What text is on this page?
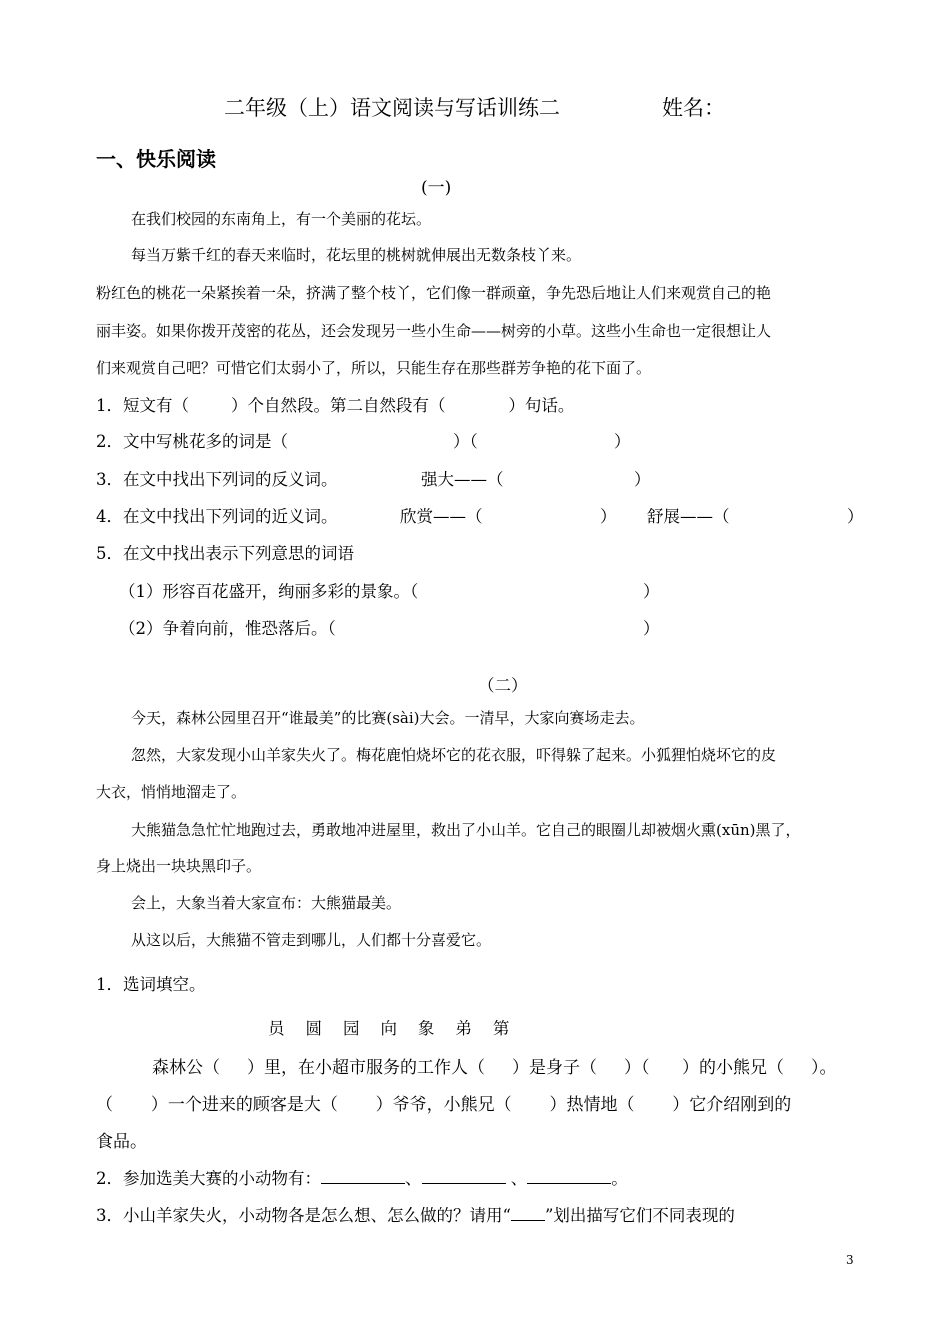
二年级（上）语文阅读与写话训练二	姓名：
一、快乐阅读
(一)
在我们校园的东南角上，有一个美丽的花坛。
每当万紫千红的春天来临时，花坛里的桃树就伸展出无数条枝丫来。
粉红色的桃花一朵紧挨着一朵，挤满了整个枝丫，它们像一群顽童，争先恐后地让人们来观赏自己的艳
丽丰姿。如果你拨开茂密的花丛，还会发现另一些小生命——树旁的小草。这些小生命也一定很想让人
们来观赏自己吧？可惜它们太弱小了，所以，只能生存在那些群芳争艳的花下面了。
1．短文有（        ）个自然段。第二自然段有（            ）句话。
2．文中写桃花多的词是（	）（	）
3．在文中找出下列词的反义词。	强大——（	）
4．在文中找出下列词的近义词。	欣赏——（	） 舒展——（	）
5．在文中找出表示下列意思的词语
（1）形容百花盛开，绚丽多彩的景象。（	）
（2）争着向前，惟恐落后。（	）
（二）
今天，森林公园里召开“谁最美”的比赛(sài)大会。一清早，大家向赛场走去。
忽然，大家发现小山羊家失火了。梅花鹿怕烧坏它的花衣服，吓得躲了起来。小狐狸怕烧坏它的皮
大衣，悄悄地溜走了。
大熊猫急急忙忙地跑过去，勇敢地冲进屋里，救出了小山羊。它自己的眼圈儿却被烟火熏(xūn)黑了，
身上烧出一块块黑印子。
会上，大象当着大家宣布：大熊猫最美。
从这以后，大熊猫不管走到哪儿，人们都十分喜爱它。
1．选词填空。
员    圆    园    向    象    弟    第
森林公（     ）里，在小超市服务的工作人（     ）是身子（     ）（      ）的小熊兄（     ）。
（       ）一个进来的顾客是大（       ）爷爷，小熊兄（       ）热情地（       ）它介绍刚到的
食品。
2．参加选美大赛的小动物有：	、	、	。
3．小山羊家失火，小动物各是怎么想、怎么做的？请用“ ”划出描写它们不同表现的
3
